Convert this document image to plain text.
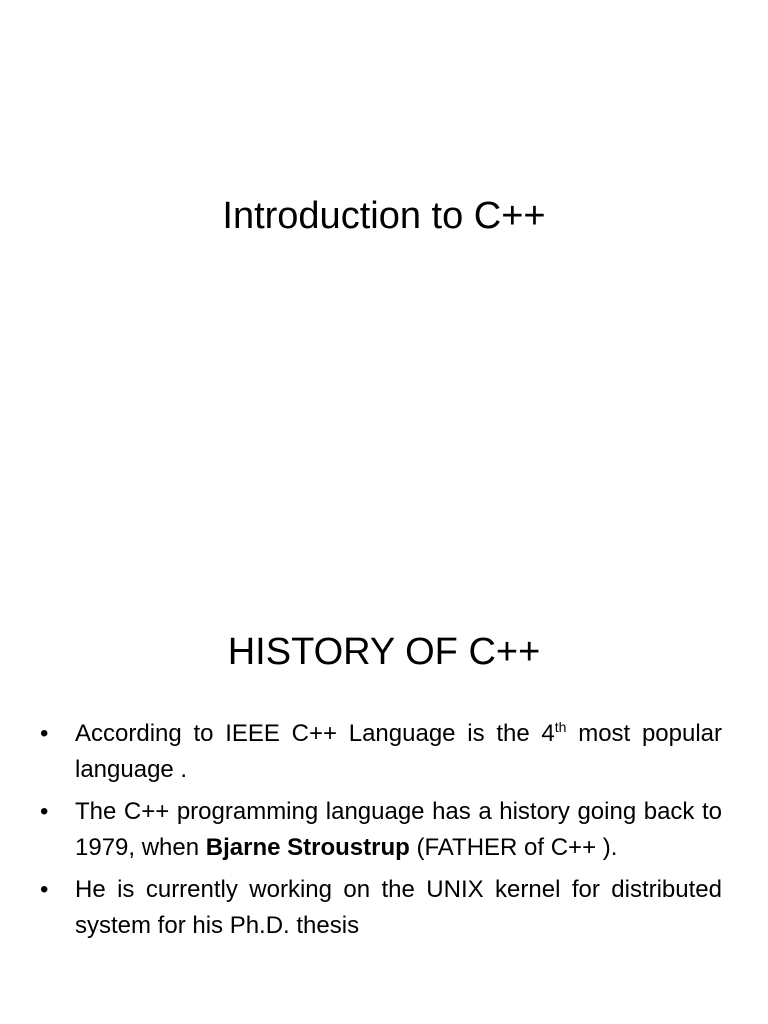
Introduction to C++
HISTORY OF C++
• According to IEEE C++ Language is the 4th most popular language .
• The C++ programming language has a history going back to 1979, when Bjarne Stroustrup (FATHER of C++ ).
• He is currently working on the UNIX kernel for distributed system for his Ph.D. thesis
